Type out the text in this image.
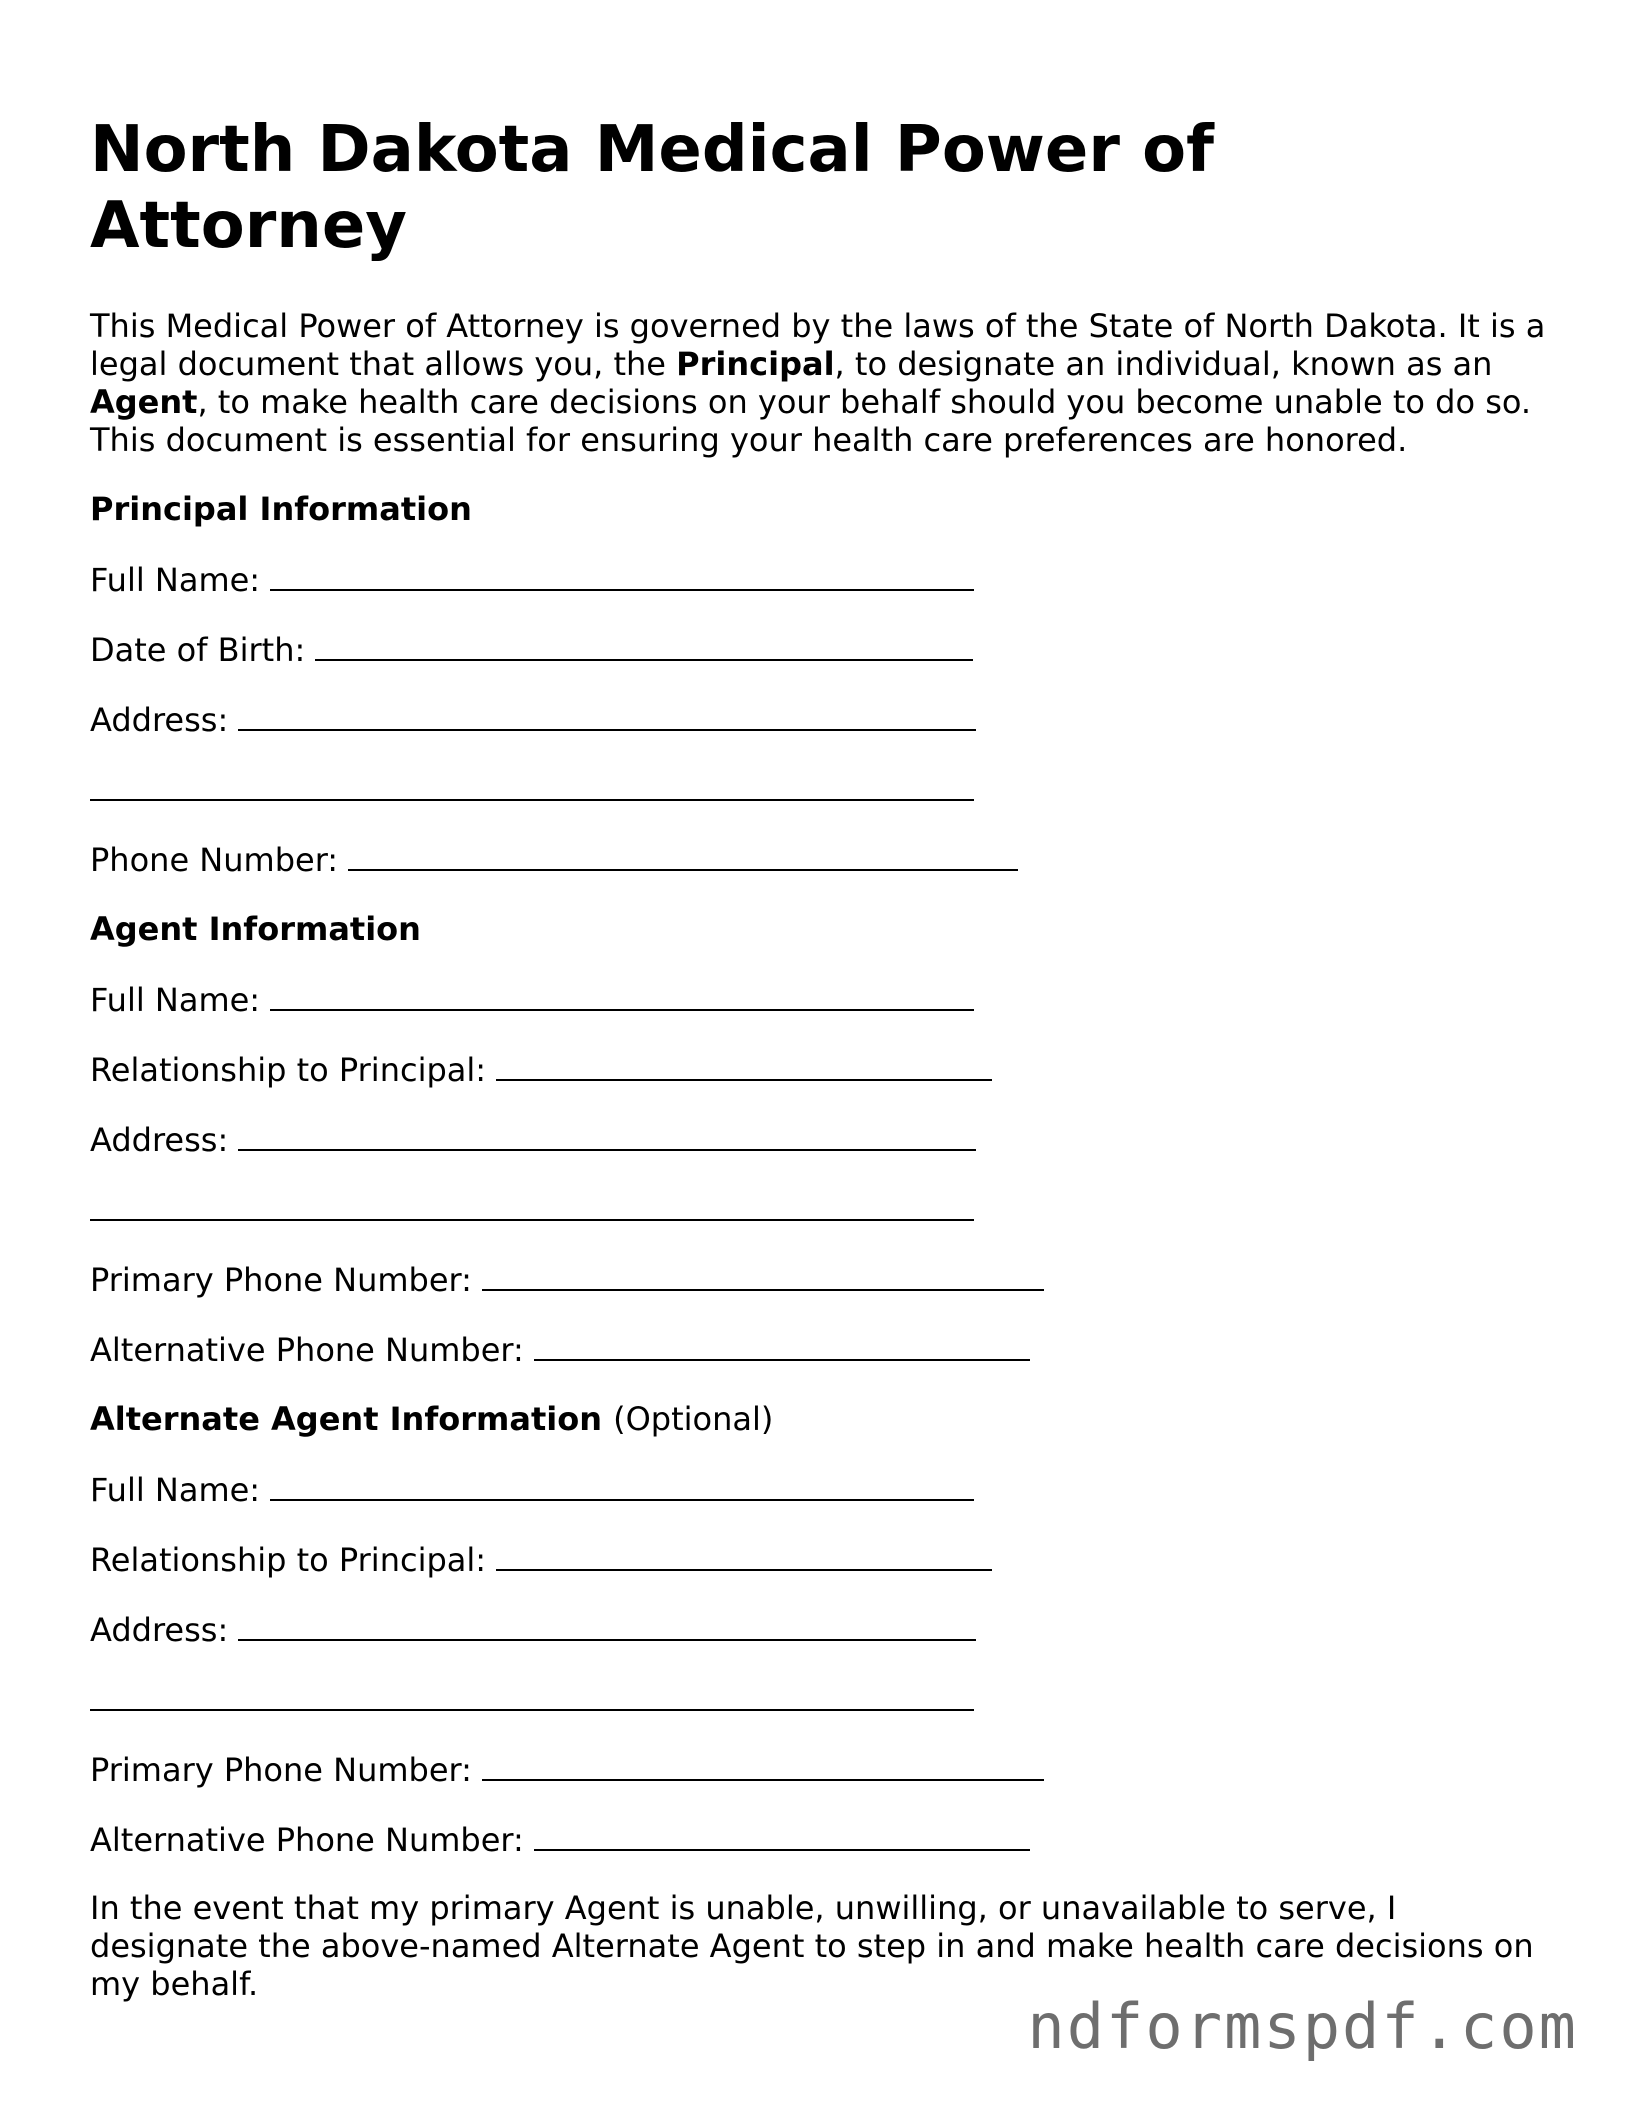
North Dakota Medical Power of Attorney

This Medical Power of Attorney is governed by the laws of the State of North Dakota. It is a legal document that allows you, the Principal, to designate an individual, known as an Agent, to make health care decisions on your behalf should you become unable to do so. This document is essential for ensuring your health care preferences are honored.

Principal Information
Full Name:
Date of Birth:
Address:
Phone Number:
Agent Information
Full Name:
Relationship to Principal:
Address:
Primary Phone Number:
Alternative Phone Number:
Alternate Agent Information (Optional)
Full Name:
Relationship to Principal:
Address:
Primary Phone Number:
Alternative Phone Number:

In the event that my primary Agent is unable, unwilling, or unavailable to serve, I designate the above-named Alternate Agent to step in and make health care decisions on my behalf.

ndformspdf.com
